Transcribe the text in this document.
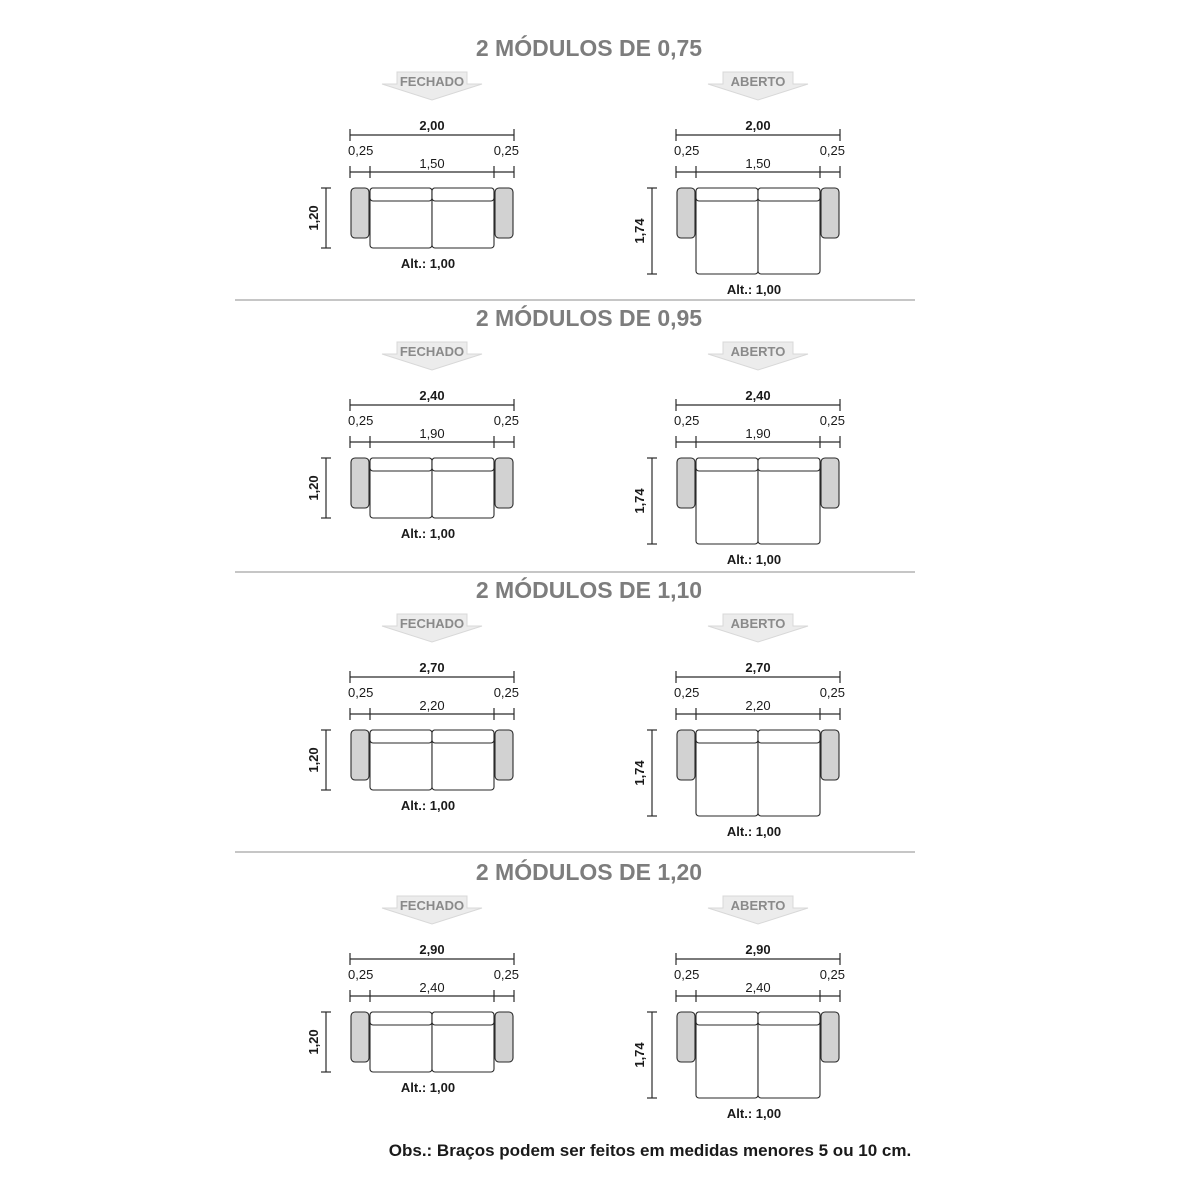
2 MÓDULOS DE 0,75
FECHADO
2,00
0,25
1,50
0,25
1,20
Alt.: 1,00
ABERTO
2,00
0,25
1,50
0,25
1,74
Alt.: 1,00
2 MÓDULOS DE 0,95
FECHADO
2,40
0,25
1,90
0,25
1,20
Alt.: 1,00
ABERTO
2,40
0,25
1,90
0,25
1,74
Alt.: 1,00
2 MÓDULOS DE 1,10
FECHADO
2,70
0,25
2,20
0,25
1,20
Alt.: 1,00
ABERTO
2,70
0,25
2,20
0,25
1,74
Alt.: 1,00
2 MÓDULOS DE 1,20
FECHADO
2,90
0,25
2,40
0,25
1,20
Alt.: 1,00
ABERTO
2,90
0,25
2,40
0,25
1,74
Alt.: 1,00
Obs.: Braços podem ser feitos em medidas menores 5 ou 10 cm.
